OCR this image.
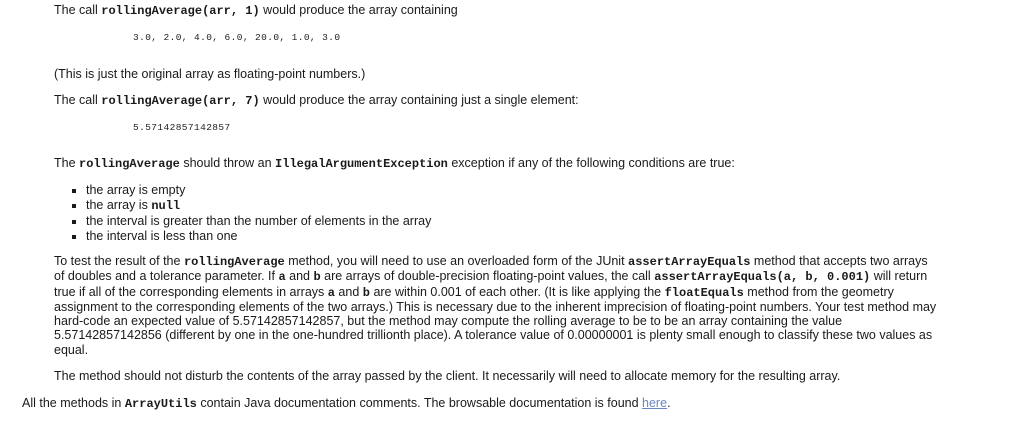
The call rollingAverage(arr, 1) would produce the array containing
3.0, 2.0, 4.0, 6.0, 20.0, 1.0, 3.0
(This is just the original array as floating-point numbers.)
The call rollingAverage(arr, 7) would produce the array containing just a single element:
5.57142857142857
The rollingAverage should throw an IllegalArgumentException exception if any of the following conditions are true:
the array is empty
the array is null
the interval is greater than the number of elements in the array
the interval is less than one
To test the result of the rollingAverage method, you will need to use an overloaded form of the JUnit assertArrayEquals method that accepts two arrays
of doubles and a tolerance parameter. If a and b are arrays of double-precision floating-point values, the call assertArrayEquals(a, b, 0.001) will return
true if all of the corresponding elements in arrays a and b are within 0.001 of each other. (It is like applying the floatEquals method from the geometry
assignment to the corresponding elements of the two arrays.) This is necessary due to the inherent imprecision of floating-point numbers. Your test method may
hard-code an expected value of 5.57142857142857, but the method may compute the rolling average to be to be an array containing the value
5.57142857142856 (different by one in the one-hundred trillionth place). A tolerance value of 0.00000001 is plenty small enough to classify these two values as
equal.
The method should not disturb the contents of the array passed by the client. It necessarily will need to allocate memory for the resulting array.
All the methods in ArrayUtils contain Java documentation comments. The browsable documentation is found here.
